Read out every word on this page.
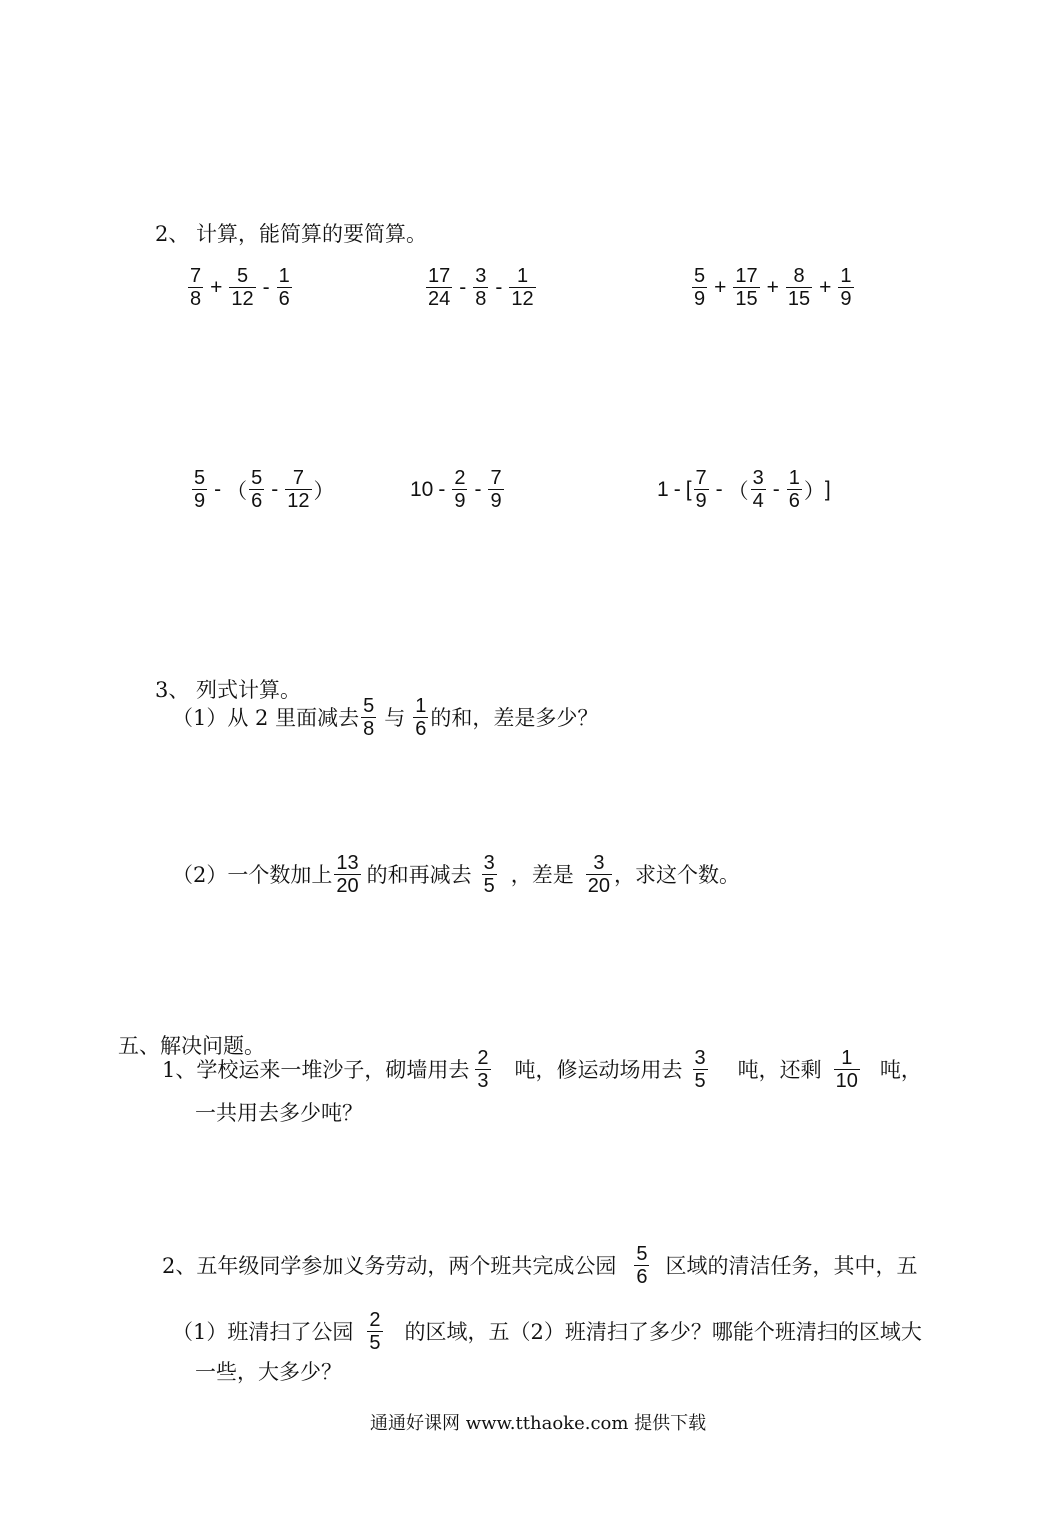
2、 计算，能简算的要简算。
$\frac{7}{8} + \frac{5}{12} - \frac{1}{6}$	$\frac{17}{24} - \frac{3}{8} - \frac{1}{12}$	$\frac{5}{9} + \frac{17}{15} + \frac{8}{15} + \frac{1}{9}$
$\frac{5}{9}$ - （ $\frac{5}{6} - \frac{7}{12}$ ）	$10 - \frac{2}{9} - \frac{7}{9}$	1 - [ $\frac{7}{9}$ - （ $\frac{3}{4} - \frac{1}{6}$ ）]
3、 列式计算。
（1）从 2 里面减去 $\frac{5}{8}$ 与 $\frac{1}{6}$ 的和，差是多少？
（2）一个数加上 $\frac{13}{20}$ 的和再减去 $\frac{3}{5}$ ，差是 $\frac{3}{20}$ ，求这个数。
五、解决问题。
1、学校运来一堆沙子，砌墙用去 $\frac{2}{3}$ 吨，修运动场用去 $\frac{3}{5}$ 吨，还剩 $\frac{1}{10}$ 吨，
一共用去多少吨？
2、五年级同学参加义务劳动，两个班共完成公园 $\frac{5}{6}$ 区域的清洁任务，其中，五
（1）班清扫了公园 $\frac{2}{5}$ 的区域，五（2）班清扫了多少？哪能个班清扫的区域大
一些，大多少？
通通好课网 www.tthaoke.com 提供下载
